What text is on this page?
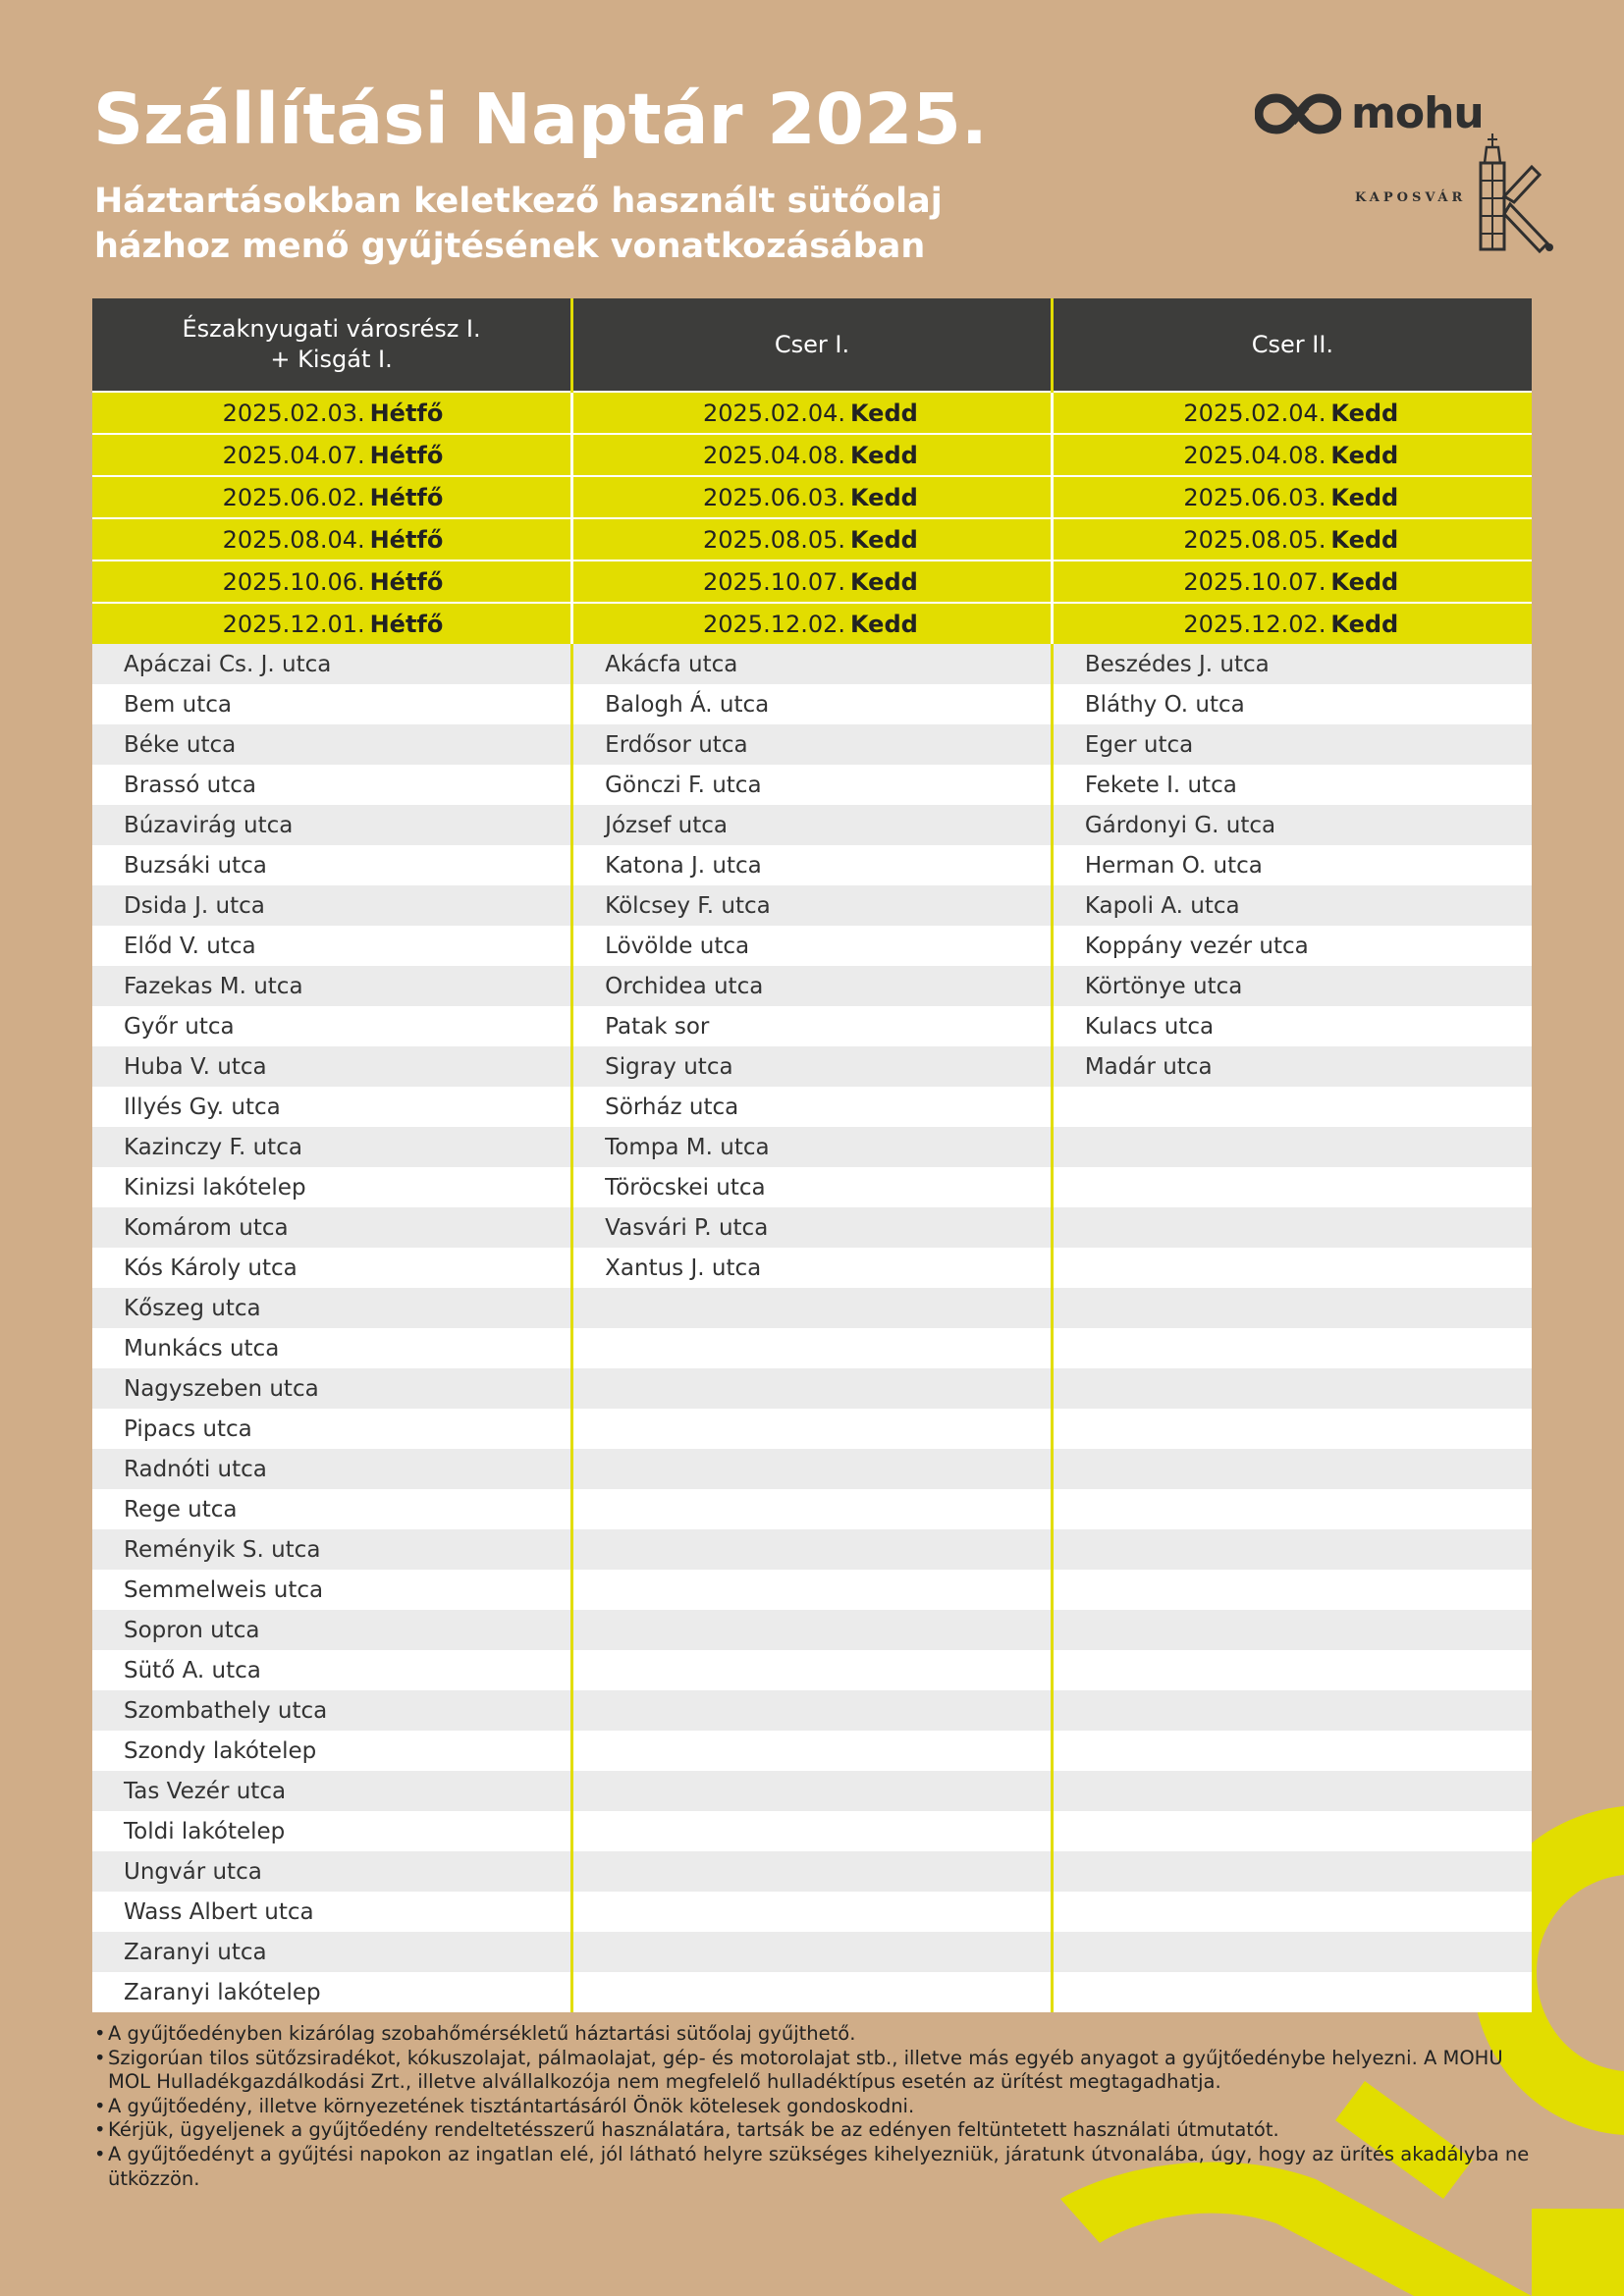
Szállítási Naptár 2025.
Háztartásokban keletkező használt sütőolaj
házhoz menő gyűjtésének vonatkozásában
mohu
KAPOSVÁR
Északnyugati városrész I.
+ Kisgát I.	Cser I.	Cser II.

2025.02.03. Hétfő	2025.02.04. Kedd	2025.02.04. Kedd

2025.04.07. Hétfő	2025.04.08. Kedd	2025.04.08. Kedd

2025.06.02. Hétfő	2025.06.03. Kedd	2025.06.03. Kedd

2025.08.04. Hétfő	2025.08.05. Kedd	2025.08.05. Kedd

2025.10.06. Hétfő	2025.10.07. Kedd	2025.10.07. Kedd

2025.12.01. Hétfő	2025.12.02. Kedd	2025.12.02. Kedd

Apáczai Cs. J. utca	Akácfa utca	Beszédes J. utca
Bem utca	Balogh Á. utca	Bláthy O. utca
Béke utca	Erdősor utca	Eger utca
Brassó utca	Gönczi F. utca	Fekete I. utca
Búzavirág utca	József utca	Gárdonyi G. utca
Buzsáki utca	Katona J. utca	Herman O. utca
Dsida J. utca	Kölcsey F. utca	Kapoli A. utca
Előd V. utca	Lövölde utca	Koppány vezér utca
Fazekas M. utca	Orchidea utca	Körtönye utca
Győr utca	Patak sor	Kulacs utca
Huba V. utca	Sigray utca	Madár utca
Illyés Gy. utca	Sörház utca	
Kazinczy F. utca	Tompa M. utca	
Kinizsi lakótelep	Töröcskei utca	
Komárom utca	Vasvári P. utca	
Kós Károly utca	Xantus J. utca	
Kőszeg utca		
Munkács utca		
Nagyszeben utca		
Pipacs utca		
Radnóti utca		
Rege utca		
Reményik S. utca		
Semmelweis utca		
Sopron utca		
Sütő A. utca		
Szombathely utca		
Szondy lakótelep		
Tas Vezér utca		
Toldi lakótelep		
Ungvár utca		
Wass Albert utca		
Zaranyi utca		
Zaranyi lakótelep		
• A gyűjtőedényben kizárólag szobahőmérsékletű háztartási sütőolaj gyűjthető.
• Szigorúan tilos sütőzsiradékot, kókuszolajat, pálmaolajat, gép- és motorolajat stb., illetve más egyéb anyagot a gyűjtőedénybe helyezni. A MOHU MOL Hulladékgazdálkodási Zrt., illetve alvállalkozója nem megfelelő hulladéktípus esetén az ürítést megtagadhatja.
• A gyűjtőedény, illetve környezetének tisztántartásáról Önök kötelesek gondoskodni.
• Kérjük, ügyeljenek a gyűjtőedény rendeltetésszerű használatára, tartsák be az edényen feltüntetett használati útmutatót.
• A gyűjtőedényt a gyűjtési napokon az ingatlan elé, jól látható helyre szükséges kihelyezniük, járatunk útvonalába, úgy, hogy az ürítés akadályba ne ütközzön.
